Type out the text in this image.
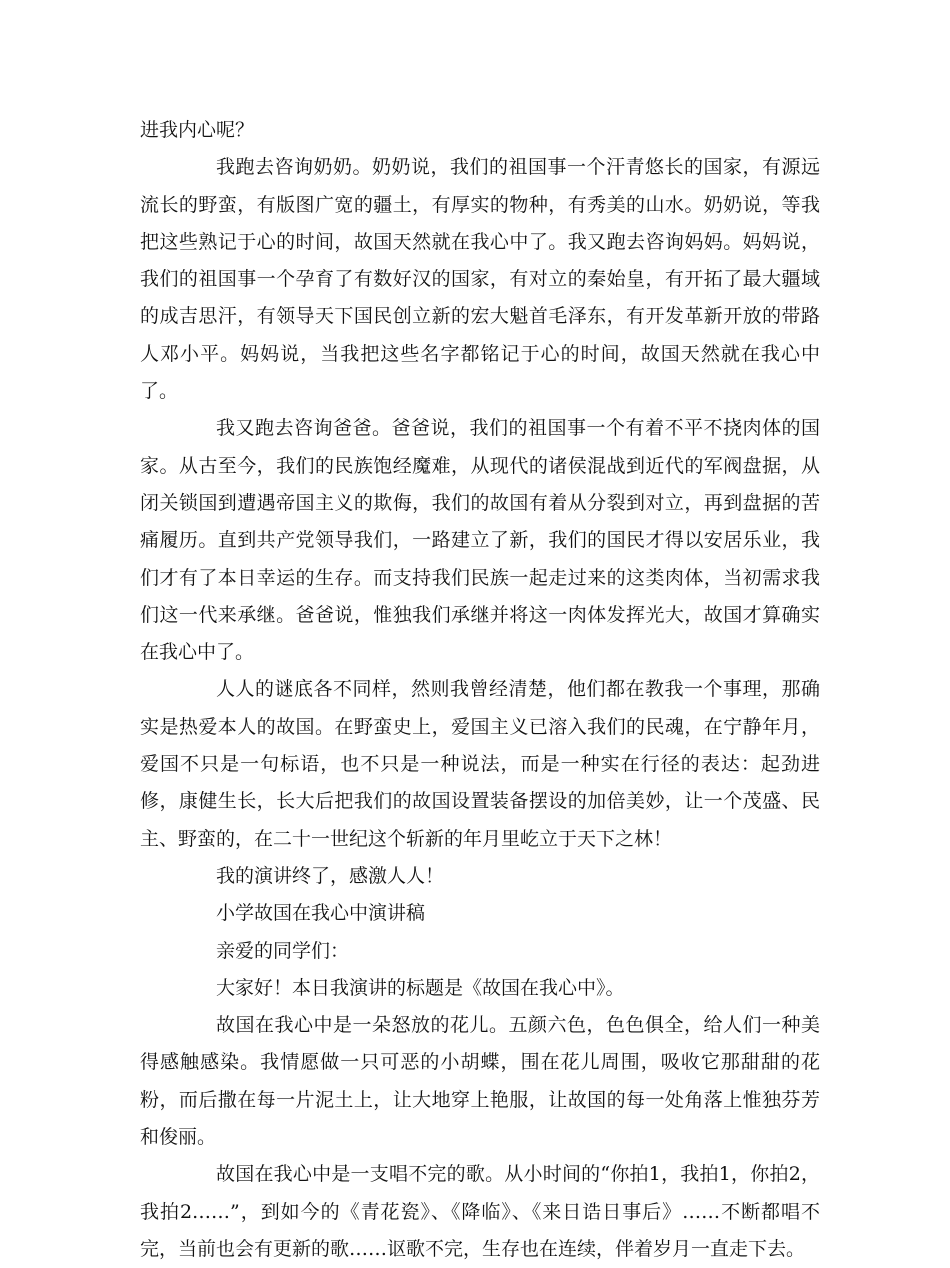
进我内心呢？

我跑去咨询奶奶。奶奶说，我们的祖国事一个汗青悠长的国家，有源远流长的野蛮，有版图广宽的疆土，有厚实的物种，有秀美的山水。奶奶说，等我把这些熟记于心的时间，故国天然就在我心中了。我又跑去咨询妈妈。妈妈说，我们的祖国事一个孕育了有数好汉的国家，有对立的秦始皇，有开拓了最大疆域的成吉思汗，有领导天下国民创立新的宏大魁首毛泽东，有开发革新开放的带路人邓小平。妈妈说，当我把这些名字都铭记于心的时间，故国天然就在我心中了。

我又跑去咨询爸爸。爸爸说，我们的祖国事一个有着不平不挠肉体的国家。从古至今，我们的民族饱经魔难，从现代的诸侯混战到近代的军阀盘据，从闭关锁国到遭遇帝国主义的欺侮，我们的故国有着从分裂到对立，再到盘据的苦痛履历。直到共产党领导我们，一路建立了新，我们的国民才得以安居乐业，我们才有了本日幸运的生存。而支持我们民族一起走过来的这类肉体，当初需求我们这一代来承继。爸爸说，惟独我们承继并将这一肉体发挥光大，故国才算确实在我心中了。

人人的谜底各不同样，然则我曾经清楚，他们都在教我一个事理，那确实是热爱本人的故国。在野蛮史上，爱国主义已溶入我们的民魂，在宁静年月，爱国不只是一句标语，也不只是一种说法，而是一种实在行径的表达：起劲进修，康健生长，长大后把我们的故国设置装备摆设的加倍美妙，让一个茂盛、民主、野蛮的，在二十一世纪这个斩新的年月里屹立于天下之林！

我的演讲终了，感激人人！

小学故国在我心中演讲稿

亲爱的同学们：

大家好！本日我演讲的标题是《故国在我心中》。

故国在我心中是一朵怒放的花儿。五颜六色，色色俱全，给人们一种美得感触感染。我情愿做一只可恶的小胡蝶，围在花儿周围，吸收它那甜甜的花粉，而后撒在每一片泥土上，让大地穿上艳服，让故国的每一处角落上惟独芬芳和俊丽。

故国在我心中是一支唱不完的歌。从小时间的“你拍1，我拍1，你拍2，我拍2……”，到如今的《青花瓷》、《降临》、《来日诰日事后》……不断都唱不完，当前也会有更新的歌……讴歌不完，生存也在连续，伴着岁月一直走下去。
